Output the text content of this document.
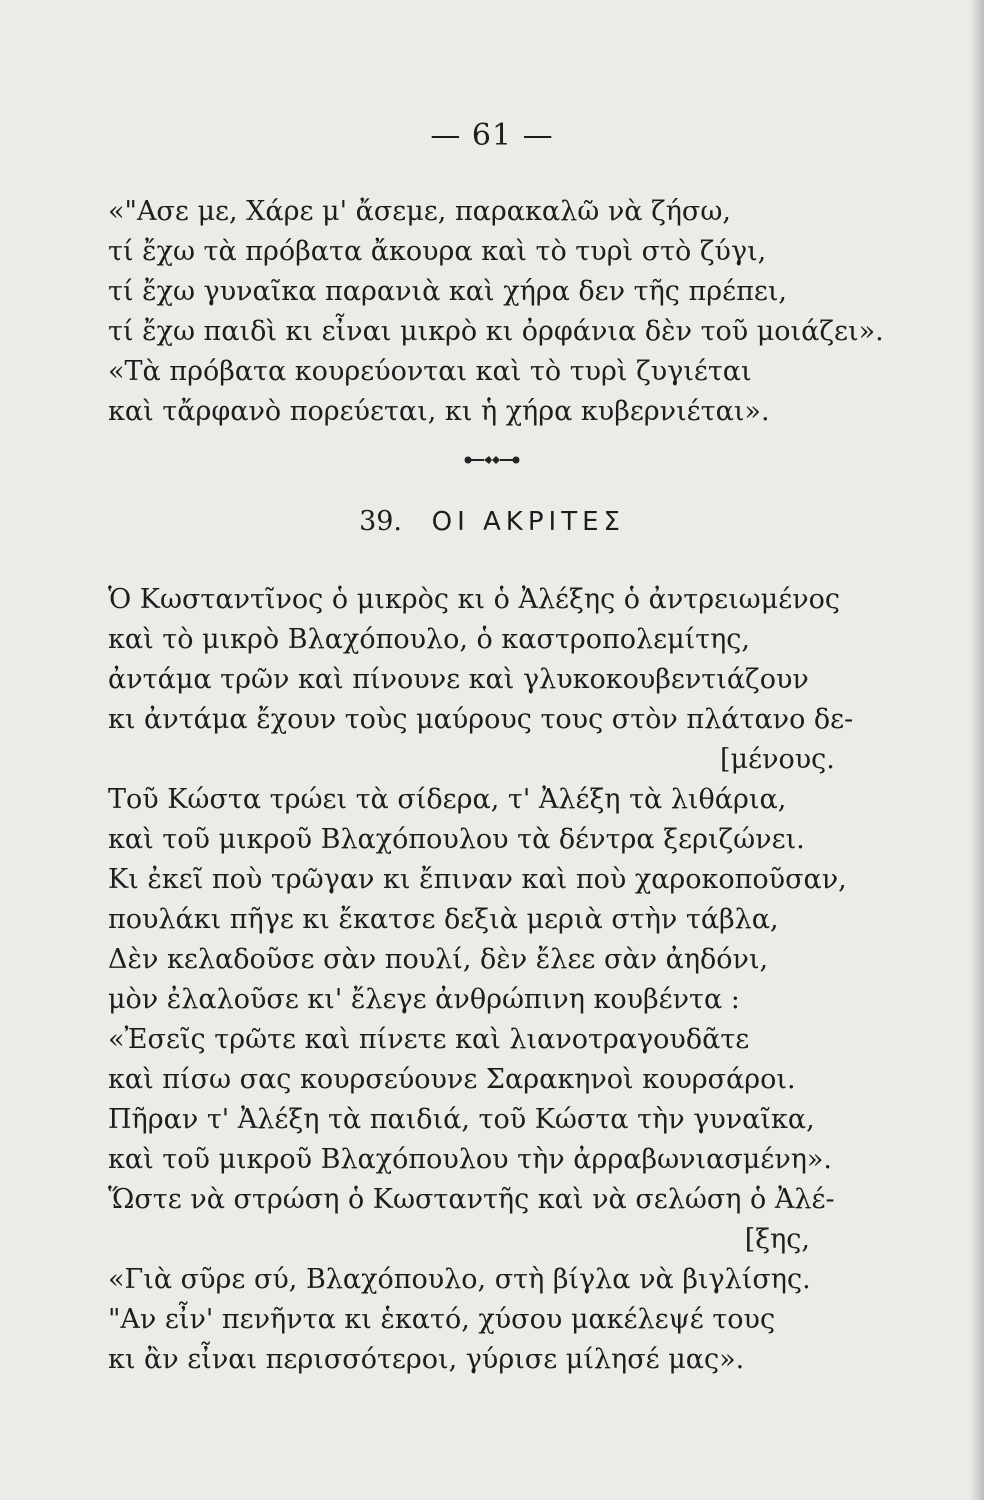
— 61 —
«"Ασε με, Χάρε μ' ἄσεμε, παρακαλῶ νὰ ζήσω,
τί ἔχω τὰ πρόβατα ἄκουρα καὶ τὸ τυρὶ στὸ ζύγι,
τί ἔχω γυναῖκα παρανιὰ καὶ χήρα δεν τῆς πρέπει,
τί ἔχω παιδὶ κι εἶναι μικρὸ κι ὀρφάνια δὲν τοῦ μοιάζει».
«Τὰ πρόβατα κουρεύονται καὶ τὸ τυρὶ ζυγιέται
καὶ τἄρφανὸ πορεύεται, κι ἡ χήρα κυβερνιέται».
39. ΟΙ ΑΚΡΙΤΕΣ
Ὁ Κωσταντῖνος ὁ μικρὸς κι ὁ Ἀλέξης ὁ ἀντρειωμένος
καὶ τὸ μικρὸ Βλαχόπουλο, ὁ καστροπολεμίτης,
ἀντάμα τρῶν καὶ πίνουνε καὶ γλυκοκουβεντιάζουν
κι ἀντάμα ἔχουν τοὺς μαύρους τους στὸν πλάτανο δε-
[μένους.
Τοῦ Κώστα τρώει τὰ σίδερα, τ' Ἀλέξη τὰ λιθάρια,
καὶ τοῦ μικροῦ Βλαχόπουλου τὰ δέντρα ξεριζώνει.
Κι ἐκεῖ ποὺ τρῶγαν κι ἔπιναν καὶ ποὺ χαροκοποῦσαν,
πουλάκι πῆγε κι ἔκατσε δεξιὰ μεριὰ στὴν τάβλα,
Δὲν κελαδοῦσε σὰν πουλί, δὲν ἔλεε σὰν ἀηδόνι,
μὸν ἐλαλοῦσε κι' ἔλεγε ἀνθρώπινη κουβέντα :
«Ἐσεῖς τρῶτε καὶ πίνετε καὶ λιανοτραγουδᾶτε
καὶ πίσω σας κουρσεύουνε Σαρακηνοὶ κουρσάροι.
Πῆραν τ' Ἀλέξη τὰ παιδιά, τοῦ Κώστα τὴν γυναῖκα,
καὶ τοῦ μικροῦ Βλαχόπουλου τὴν ἀρραβωνιασμένη».
Ὥστε νὰ στρώση ὁ Κωσταντῆς καὶ νὰ σελώση ὁ Ἀλέ-
[ξης,
«Γιὰ σῦρε σύ, Βλαχόπουλο, στὴ βίγλα νὰ βιγλίσης.
"Αν εἶν' πενῆντα κι ἑκατό, χύσου μακέλεψέ τους
κι ἂν εἶναι περισσότεροι, γύρισε μίλησέ μας».
